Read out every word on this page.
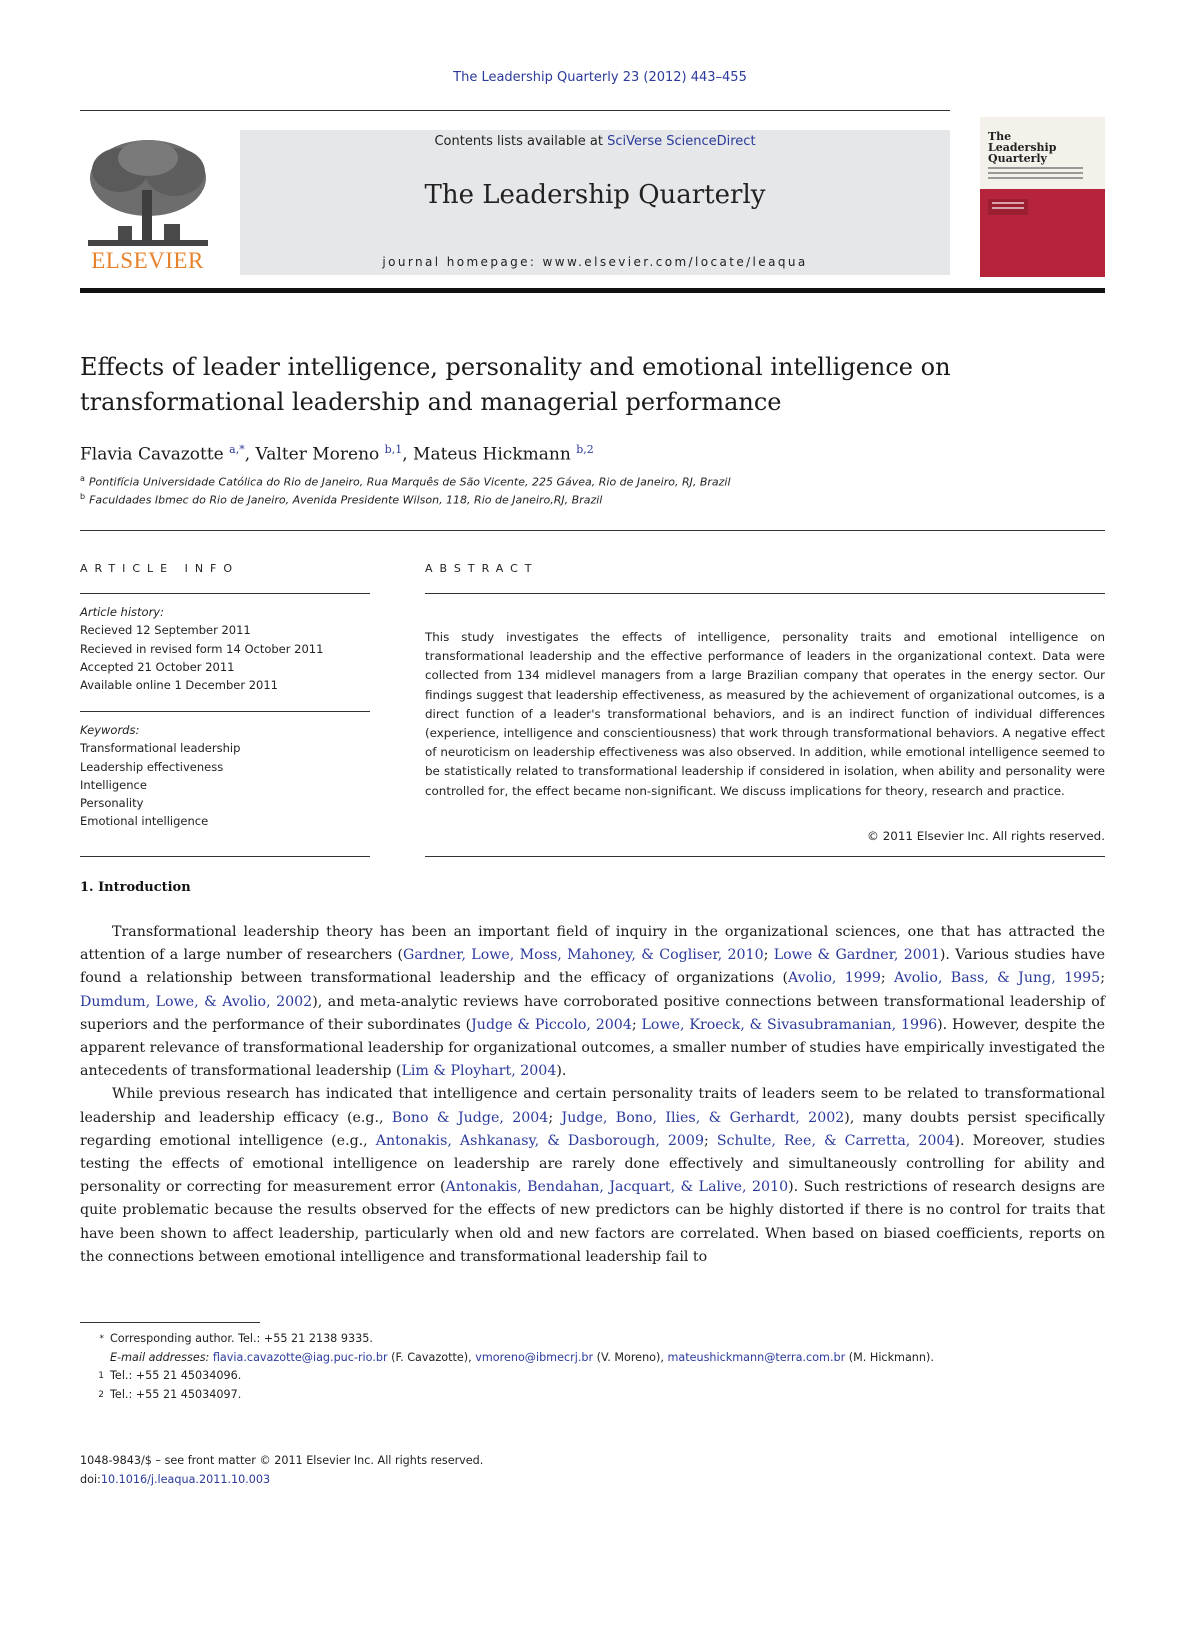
The Leadership Quarterly 23 (2012) 443–455
ELSEVIER
Contents lists available at SciVerse ScienceDirect
The Leadership Quarterly
journal homepage: www.elsevier.com/locate/leaqua
The Leadership Quarterly
Effects of leader intelligence, personality and emotional intelligence on transformational leadership and managerial performance
Flavia Cavazotte $^{a,*}$, Valter Moreno $^{b,1}$, Mateus Hickmann $^{b,2}$
$^a$ Pontifícia Universidade Católica do Rio de Janeiro, Rua Marquês de São Vicente, 225 Gávea, Rio de Janeiro, RJ, Brazil
$^b$ Faculdades Ibmec do Rio de Janeiro, Avenida Presidente Wilson, 118, Rio de Janeiro,RJ, Brazil
ARTICLE INFO
Article history:
Recieved 12 September 2011
Recieved in revised form 14 October 2011
Accepted 21 October 2011
Available online 1 December 2011
Keywords:
Transformational leadership
Leadership effectiveness
Intelligence
Personality
Emotional intelligence
ABSTRACT
This study investigates the effects of intelligence, personality traits and emotional intelligence on transformational leadership and the effective performance of leaders in the organizational context. Data were collected from 134 midlevel managers from a large Brazilian company that operates in the energy sector. Our findings suggest that leadership effectiveness, as measured by the achievement of organizational outcomes, is a direct function of a leader's transformational behaviors, and is an indirect function of individual differences (experience, intelligence and conscientiousness) that work through transformational behaviors. A negative effect of neuroticism on leadership effectiveness was also observed. In addition, while emotional intelligence seemed to be statistically related to transformational leadership if considered in isolation, when ability and personality were controlled for, the effect became non-significant. We discuss implications for theory, research and practice.
© 2011 Elsevier Inc. All rights reserved.
1. Introduction

Transformational leadership theory has been an important field of inquiry in the organizational sciences, one that has attracted the attention of a large number of researchers (Gardner, Lowe, Moss, Mahoney, & Cogliser, 2010; Lowe & Gardner, 2001). Various studies have found a relationship between transformational leadership and the efficacy of organizations (Avolio, 1999; Avolio, Bass, & Jung, 1995; Dumdum, Lowe, & Avolio, 2002), and meta-analytic reviews have corroborated positive connections between transformational leadership of superiors and the performance of their subordinates (Judge & Piccolo, 2004; Lowe, Kroeck, & Sivasubramanian, 1996). However, despite the apparent relevance of transformational leadership for organizational outcomes, a smaller number of studies have empirically investigated the antecedents of transformational leadership (Lim & Ployhart, 2004).

While previous research has indicated that intelligence and certain personality traits of leaders seem to be related to transformational leadership and leadership efficacy (e.g., Bono & Judge, 2004; Judge, Bono, Ilies, & Gerhardt, 2002), many doubts persist specifically regarding emotional intelligence (e.g., Antonakis, Ashkanasy, & Dasborough, 2009; Schulte, Ree, & Carretta, 2004). Moreover, studies testing the effects of emotional intelligence on leadership are rarely done effectively and simultaneously controlling for ability and personality or correcting for measurement error (Antonakis, Bendahan, Jacquart, & Lalive, 2010). Such restrictions of research designs are quite problematic because the results observed for the effects of new predictors can be highly distorted if there is no control for traits that have been shown to affect leadership, particularly when old and new factors are correlated. When based on biased coefficients, reports on the connections between emotional intelligence and transformational leadership fail to

* Corresponding author. Tel.: +55 21 2138 9335.
E-mail addresses: flavia.cavazotte@iag.puc-rio.br (F. Cavazotte), vmoreno@ibmecrj.br (V. Moreno), mateushickmann@terra.com.br (M. Hickmann).
1 Tel.: +55 21 45034096.
2 Tel.: +55 21 45034097.
1048-9843/$ – see front matter © 2011 Elsevier Inc. All rights reserved.
doi:10.1016/j.leaqua.2011.10.003
